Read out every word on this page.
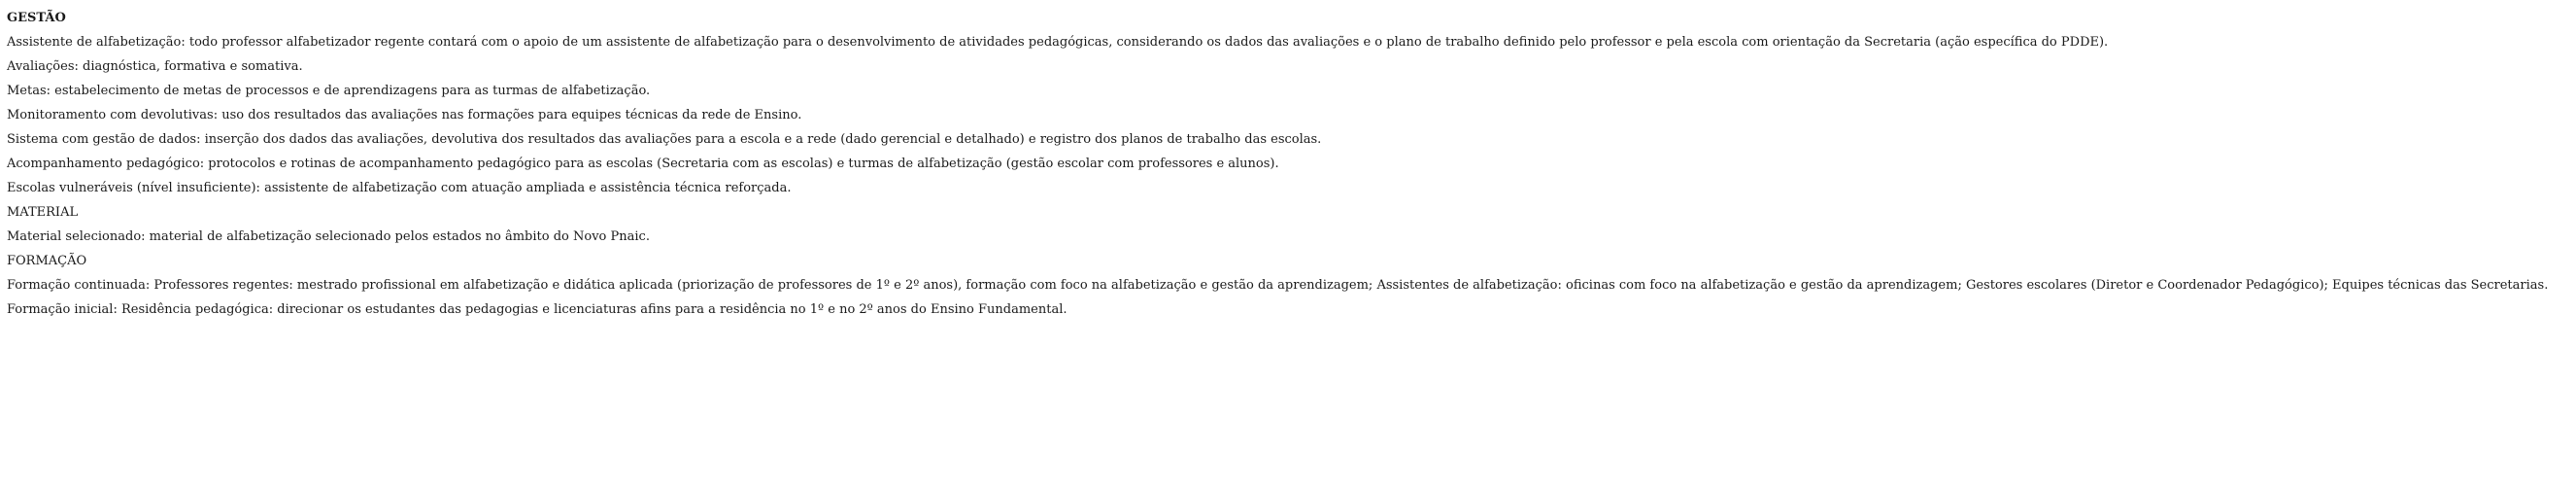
GESTÃO

Assistente de alfabetização: todo professor alfabetizador regente contará com o apoio de um assistente de alfabetização para o desenvolvimento de atividades pedagógicas, considerando os dados das avaliações e o plano de trabalho definido pelo professor e pela escola com orientação da Secretaria (ação específica do PDDE).

Avaliações: diagnóstica, formativa e somativa.

Metas: estabelecimento de metas de processos e de aprendizagens para as turmas de alfabetização.

Monitoramento com devolutivas: uso dos resultados das avaliações nas formações para equipes técnicas da rede de Ensino.

Sistema com gestão de dados: inserção dos dados das avaliações, devolutiva dos resultados das avaliações para a escola e a rede (dado gerencial e detalhado) e registro dos planos de trabalho das escolas.

Acompanhamento pedagógico: protocolos e rotinas de acompanhamento pedagógico para as escolas (Secretaria com as escolas) e turmas de alfabetização (gestão escolar com professores e alunos).

Escolas vulneráveis (nível insuficiente): assistente de alfabetização com atuação ampliada e assistência técnica reforçada.

MATERIAL

Material selecionado: material de alfabetização selecionado pelos estados no âmbito do Novo Pnaic.

FORMAÇÃO

Formação continuada: Professores regentes: mestrado profissional em alfabetização e didática aplicada (priorização de professores de 1º e 2º anos), formação com foco na alfabetização e gestão da aprendizagem; Assistentes de alfabetização: oficinas com foco na alfabetização e gestão da aprendizagem; Gestores escolares (Diretor e Coordenador Pedagógico); Equipes técnicas das Secretarias.

Formação inicial: Residência pedagógica: direcionar os estudantes das pedagogias e licenciaturas afins para a residência no 1º e no 2º anos do Ensino Fundamental.
